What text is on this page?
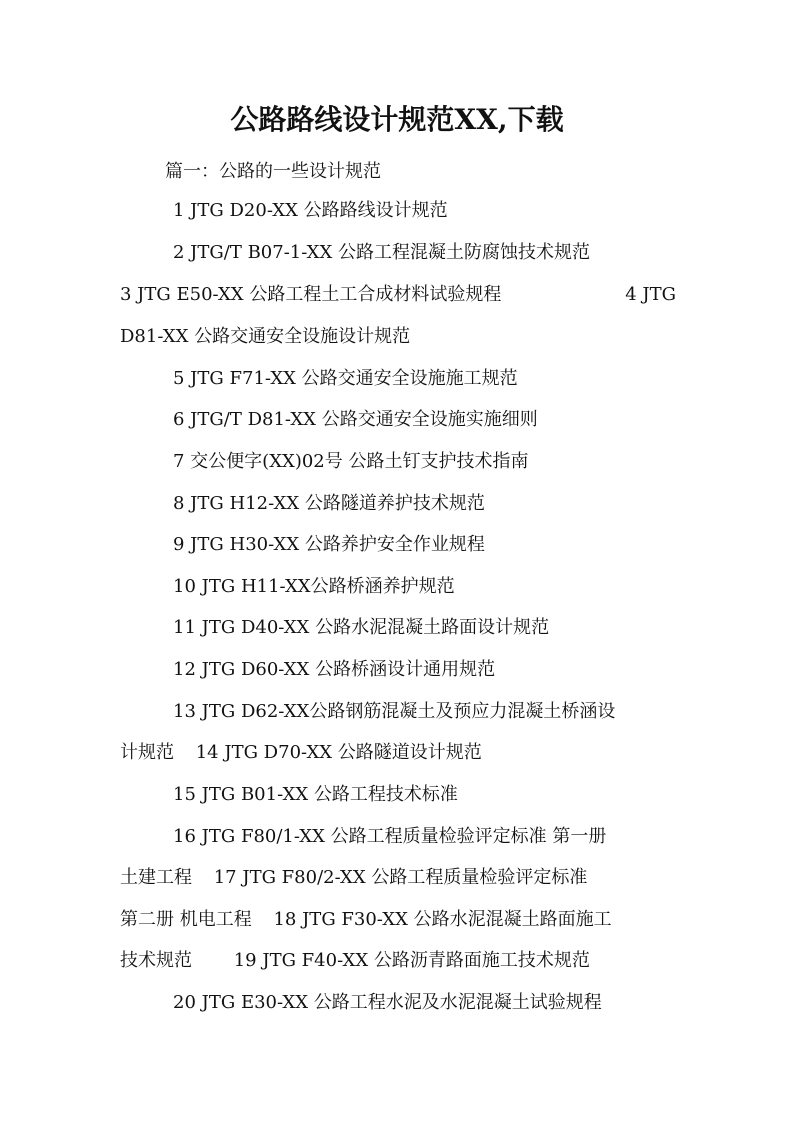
公路路线设计规范XX,下载
篇一：公路的一些设计规范
1 JTG D20-XX 公路路线设计规范
2 JTG/T B07-1-XX 公路工程混凝土防腐蚀技术规范
3 JTG E50-XX 公路工程土工合成材料试验规程	4 JTG
D81-XX 公路交通安全设施设计规范
5 JTG F71-XX 公路交通安全设施施工规范
6 JTG/T D81-XX 公路交通安全设施实施细则
7 交公便字(XX)02号 公路土钉支护技术指南
8 JTG H12-XX 公路隧道养护技术规范
9 JTG H30-XX 公路养护安全作业规程
10 JTG H11-XX公路桥涵养护规范
11 JTG D40-XX 公路水泥混凝土路面设计规范
12 JTG D60-XX 公路桥涵设计通用规范
13 JTG D62-XX公路钢筋混凝土及预应力混凝土桥涵设
计规范 14 JTG D70-XX 公路隧道设计规范
15 JTG B01-XX 公路工程技术标准
16 JTG F80/1-XX 公路工程质量检验评定标准 第一册
土建工程 17 JTG F80/2-XX 公路工程质量检验评定标准
第二册 机电工程 18 JTG F30-XX 公路水泥混凝土路面施工
技术规范 19 JTG F40-XX 公路沥青路面施工技术规范
20 JTG E30-XX 公路工程水泥及水泥混凝土试验规程
